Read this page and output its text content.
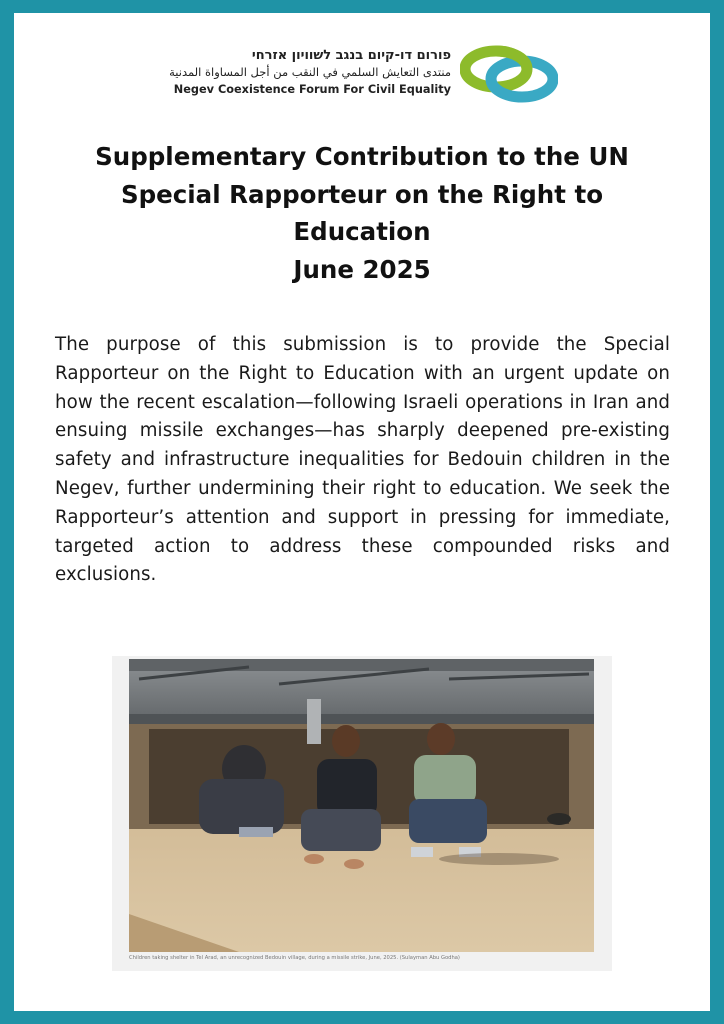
פורום דו-קיום בנגב לשוויון אזרחי
منتدى التعايش السلمي في النقب من أجل المساواة المدنية
Negev Coexistence Forum For Civil Equality
Supplementary Contribution to the UN
Special Rapporteur on the Right to
Education
June 2025

The purpose of this submission is to provide the Special Rapporteur on the Right to Education with an urgent update on how the recent escalation—following Israeli operations in Iran and ensuing missile exchanges—has sharply deepened pre-existing safety and infrastructure inequalities for Bedouin children in the Negev, further undermining their right to education. We seek the Rapporteur’s attention and support in pressing for immediate, targeted action to address these compounded risks and exclusions.

Children taking shelter in Tel Arad, an unrecognized Bedouin village, during a missile strike, June, 2025. (Sulayman Abu Godha)
